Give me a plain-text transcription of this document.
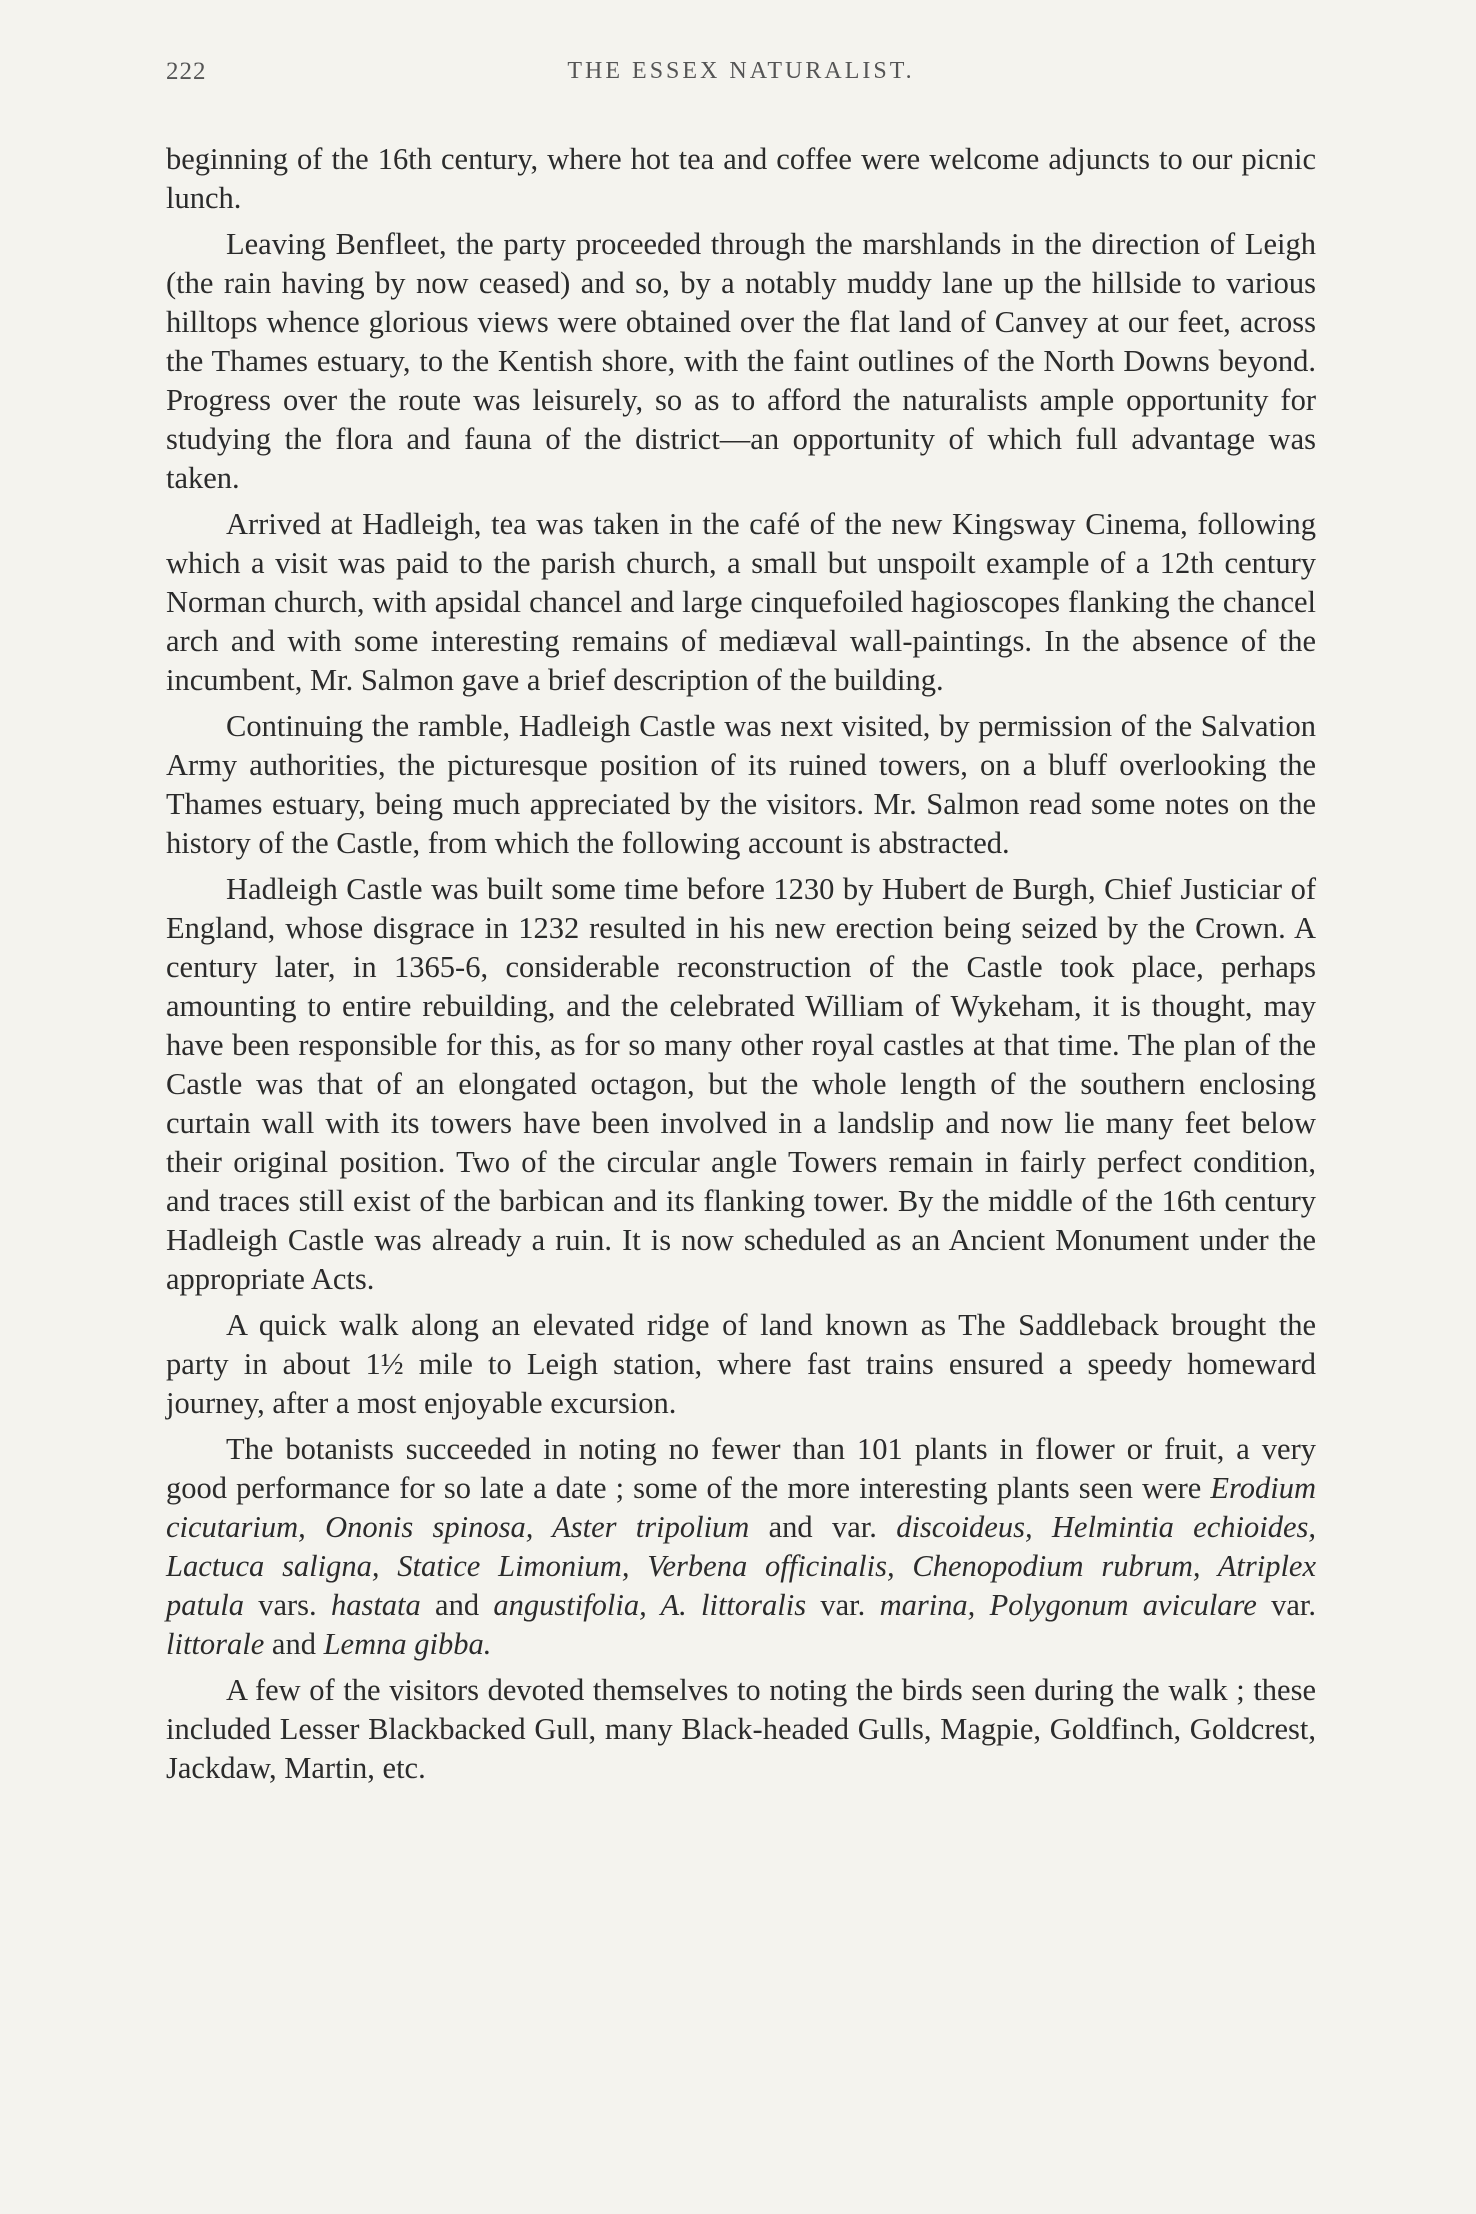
222	THE ESSEX NATURALIST.

beginning of the 16th century, where hot tea and coffee were welcome adjuncts to our picnic lunch.

Leaving Benfleet, the party proceeded through the marshlands in the direction of Leigh (the rain having by now ceased) and so, by a notably muddy lane up the hillside to various hilltops whence glorious views were obtained over the flat land of Canvey at our feet, across the Thames estuary, to the Kentish shore, with the faint outlines of the North Downs beyond. Progress over the route was leisurely, so as to afford the naturalists ample opportunity for studying the flora and fauna of the district—an opportunity of which full advantage was taken.

Arrived at Hadleigh, tea was taken in the café of the new Kingsway Cinema, following which a visit was paid to the parish church, a small but unspoilt example of a 12th century Norman church, with apsidal chancel and large cinquefoiled hagioscopes flanking the chancel arch and with some interesting remains of mediæval wall-paintings. In the absence of the incumbent, Mr. Salmon gave a brief description of the building.

Continuing the ramble, Hadleigh Castle was next visited, by permission of the Salvation Army authorities, the picturesque position of its ruined towers, on a bluff overlooking the Thames estuary, being much appreciated by the visitors. Mr. Salmon read some notes on the history of the Castle, from which the following account is abstracted.

Hadleigh Castle was built some time before 1230 by Hubert de Burgh, Chief Justiciar of England, whose disgrace in 1232 resulted in his new erection being seized by the Crown. A century later, in 1365-6, considerable reconstruction of the Castle took place, perhaps amounting to entire rebuilding, and the celebrated William of Wykeham, it is thought, may have been responsible for this, as for so many other royal castles at that time. The plan of the Castle was that of an elongated octagon, but the whole length of the southern enclosing curtain wall with its towers have been involved in a landslip and now lie many feet below their original position. Two of the circular angle Towers remain in fairly perfect condition, and traces still exist of the barbican and its flanking tower. By the middle of the 16th century Hadleigh Castle was already a ruin. It is now scheduled as an Ancient Monument under the appropriate Acts.

A quick walk along an elevated ridge of land known as The Saddleback brought the party in about 1½ mile to Leigh station, where fast trains ensured a speedy homeward journey, after a most enjoyable excursion.

The botanists succeeded in noting no fewer than 101 plants in flower or fruit, a very good performance for so late a date ; some of the more interesting plants seen were Erodium cicutarium, Ononis spinosa, Aster tripolium and var. discoideus, Helmintia echioides, Lactuca saligna, Statice Limonium, Verbena officinalis, Chenopodium rubrum, Atriplex patula vars. hastata and angustifolia, A. littoralis var. marina, Polygonum aviculare var. littorale and Lemna gibba.

A few of the visitors devoted themselves to noting the birds seen during the walk ; these included Lesser Blackbacked Gull, many Black-headed Gulls, Magpie, Goldfinch, Goldcrest, Jackdaw, Martin, etc.
